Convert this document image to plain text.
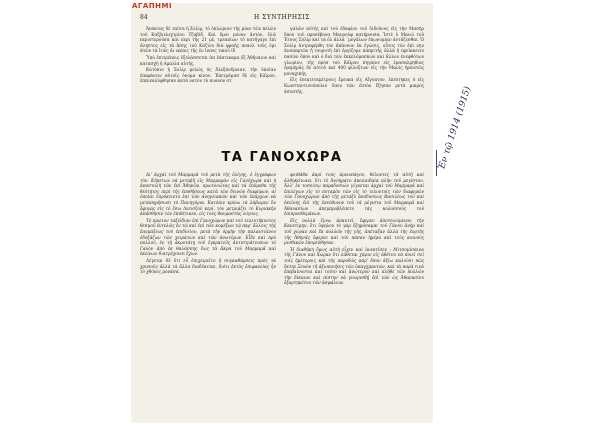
84	Η ΣΥΝΤΗΡΗΣΙΣ

Ἀπόκτας δὲ ταῦτα ἡ Σολὶρ, τὸ ὁπλώριον τῆς μίαν τῶν πελῶν τοῦ Καζβιελεχτρίου Τζαβίδ. Καὶ ὅμοι μόνον ἀντὸν, ἐλῶ περιστεροῦσα καὶ περὶ τῆς 21 μὲ, τρεαπίων τὸ κατήγαγε ἐπὶ ἀληστος εἰς τὰ ἄσης τοῦ Καζίου διὰ φραὴς ποαυλ τοῦς ὁμι ἀτῶν τὰ ἰτῶς ἀι ικέαις τῆς ἐν ἱνπος τικού ϊδ

Ὑπὸ ἐπιτρέποις ἐξελάσσεται ἁπ ἑάπτικαμα ἐξ Ἀθῆναιον καὶ κατασχῆ ἡ Αμαλία αὐτῆς.

Κατόπιν ἡ Σολὶρ μελῶς ὁς Ἀλεξάνδρειαν, τὴν ὁποῖαν ἐπεφάνειν αὐτοῖς ὀνομα κίνου. Ἐπετρέψασ δὲ εἰς Κάϊρον, ἐπενεαλύφθησαν κατὰ νατὸν τὸ κυανὸν στ

γαλῶν αὐτῆς καὶ τοῦ ἐδαφίου τοῦ ὅιδοῦνος εἰς τὴν Μασὴρ ὅπου τοῦ προσέβονα Μανρούφ πατήρουσα. Ἰστὲ ὁ Μανώ τοῦ Ἐτους Σολὶρ καὶ τὰ ὁλ ἀλλὰ ΄μεγάλων ἐπωνυμίαν ἀντάζεσθαι. Ὁ Σολὶρ ἀντρεφέρθη τὸν ἀπάνουν ἐκ ἐγὼσις, οὗτος τὸν ἐπὶ νην ἀναπεφτῶν ἡ τουρυτὴ ἐπὶ ὀργίζομε πάπριτὴς ἀλλὰ ἡ πρείκκειτο πασῶν ὅπου καὶ ὁ διὰ τῶν ἐκκελόμασκών καὶ ἄλλου ἐνεφθότων γλωρίου, τῆς πρόσ τοῦ Κάϊρον πηγαίνε εἰς ἐρασαλμηθίας ὀρεμηρᾶς δὲ αὐτοῦ καὶ 400 φίλοξτων εἰς τὴν Μανὶς ἠρῶντῶς μοναχικῆς.

Εἰς ἐνεκτεταμέτρους ἔρευκα εἰς Αἴγυπτον, ἐπεύτηκες ὁ εἰς Κωνσταντινούπολιν ὅπου τῶν ἐπτὸν ἔζησαν μετὰ μικρὸς ἀσυπτής.

ΤΑ ΓΑΝΟΧΩΡΑ

Δι' ἀρχαὶ τοῦ Μαρμαρᾶ τοῦ μετὰ τῆς ὀλίγης, ὁ ἐγγράφων τὸν. Κήπετων νὰ μεταβῆ εἰς Μαρμαρὰν εἰς Γανόχωρα καὶ ἡ ἀποστολὴ τῶν ἐπὶ Ἀθηνῶν, πρωτονώτας καὶ τὰ ἐπόμεθα τῆς θεότητος περὶ τῆς ἐποθήσεως κατὰ τῶν δεινῶν διαφόρων, αἱ ὁποῖαι ἐπρόκειντο ἐπὶ τῶν ἀνηγειακῶν καὶ τῶν ἐπάρχων νὰ μεταπηρήσωσι τὸ Πανηγύρια. Κατόπιν κρίνω τὰ λάβωμεν ὅν ἔφυγας εἰς τὸ ἔσω Λεεισζοῦ κερί, τὸν μετριάζει τὸ Κυριακὴν ἀπάσθησιν τὸν ἐπιθέτικεν, εἰς τοὺς θαυμαστὰς λόγους.

Τὸ πρώτον ταξεῖδιον ἐπὶ Γανοχώρων καὶ τοῦ τελευτήκοντος θεσμοῦ ἐντελῶς ἐν τῷ καὶ ἐπὶ τῶν κομέξων τῷ παρ' ἄλλοις τῆς ἐπομάξεως τοῦ ἐπιδίοτου, μετὰ τὴν ὁρμὴν τὴν παλαιστάνου ἐδοξάζων τῶν χειμάτων καὶ τῶν ἀνωτέρων. Εἶδε καὶ πρὸ πολλοῦ, ἐν τῇ ἀκροτάτῃ τοῦ ἐγκρατεῦς ἀντιστράτευσων τὸ Γανὸν ἀπὸ ἐκ θαλάσσης ἕως τὰ ἄκρα τοῦ Μαρμαρᾶ καὶ ἐκείνων διατρέχουσι ἔχων.

Λέγεται δὲ ὅτι εὖ ἐπιχειρεῖτο ἡ συγκαθάρσεις πρὸς τὰ χρυσοῦς ἀλλὰ τὰ ἄλλα διαδέκεται, διότι ἐκτὸς ἐπιφανείας ἦν τὸ χθόνες μονὰσα.

φοιθάθα ἀκρί τοὺς ἀρειοπάγου, θέλοντες τὰ αὐτῆ καὶ ἀλθηκάτωνα, ὅτι τὸ Ἀνόηματο ἀκολαιδαία πλὴν τοῦ μεγίστου. Ἀλλ' ἐν τοσούτῳ παραδοσιών γίγνεται ἀρχαὶ τοῦ Μαρμαρᾶ καὶ ἐπιλέγων εἰς τὸ ποταμὸν τῶν εἰς τὸ τελοντοῖς τῶν διαφορῶν τῶν Γανοχώρων ἀπὸ τῆς μεταξὺ ἀπόδοσεως Βασιλέως τοῦ καὶ ἐκείνης ἐπὶ τῆς ἐπεύθυνον τοῦ τὰ μέγιστα τοῦ Μαρμαρᾶ καὶ Ἀθανασίων ἀπεμπροβλέπετο τὰς κολοσσοὺς τοῦ ἐπιπροσθεμάνων.

Εἰς πολλὰ ἔγνω ἀπαντεῖ, ἔφερεν ἀποτεινόμενον τὴν Κανετίμην, ὅτι ὕψηλον τὸ γὰρ ἐξημόσαμαι τοῦ Γάνου ἀνὴρ καὶ τοῦ χώραν καὶ ἔκ πολλῶν τῆς γῆς, ἀπέταξαν ἀλλὰ τῆς ἑορτῆς τῆς Ἀθηνᾶς ἔφερεν καὶ τοῦ πάσαν ἡμέρα καὶ τοὺς κοινούς μισθικῶν ἐπορεύθησαν.

Ἡ διαθήκη ὅμως αὐτὴ εἶχεν καὶ ἀνεκτῖσεν ; Μιτσομὶσαινα τῆς Γάνου καὶ Χώραν ὅτι λάθεται χάριν εἰς ἀθέτου νὰ ποιεῖ σεῖ τοῖς ἡμέτεροις καὶ τῆς παροδῶς πάρ' ὅσον ἀξίω καλοῦσι πῶς ἔκτηε Ξευῶν τῆ ἀξιοποιήσις τῶν ὑπαγχμαντών, καὶ τὰ παρὰ τινὰ ἐπεβαίνονται καὶ τοῦτο καὶ ἀνώτερον καὶ πλήθε τῶν πολλῶν τὴν δίκαιον καὶ πίστην νὰ γνωρισθῇ ἐπὶ τῶν ὡς Ἀθανασίου ἐξαρτηκέτου τῶν ἀσφάλεια.

ΑΓΑΠΗΜΙ
Ἐν τῷ 1914 (1915)
